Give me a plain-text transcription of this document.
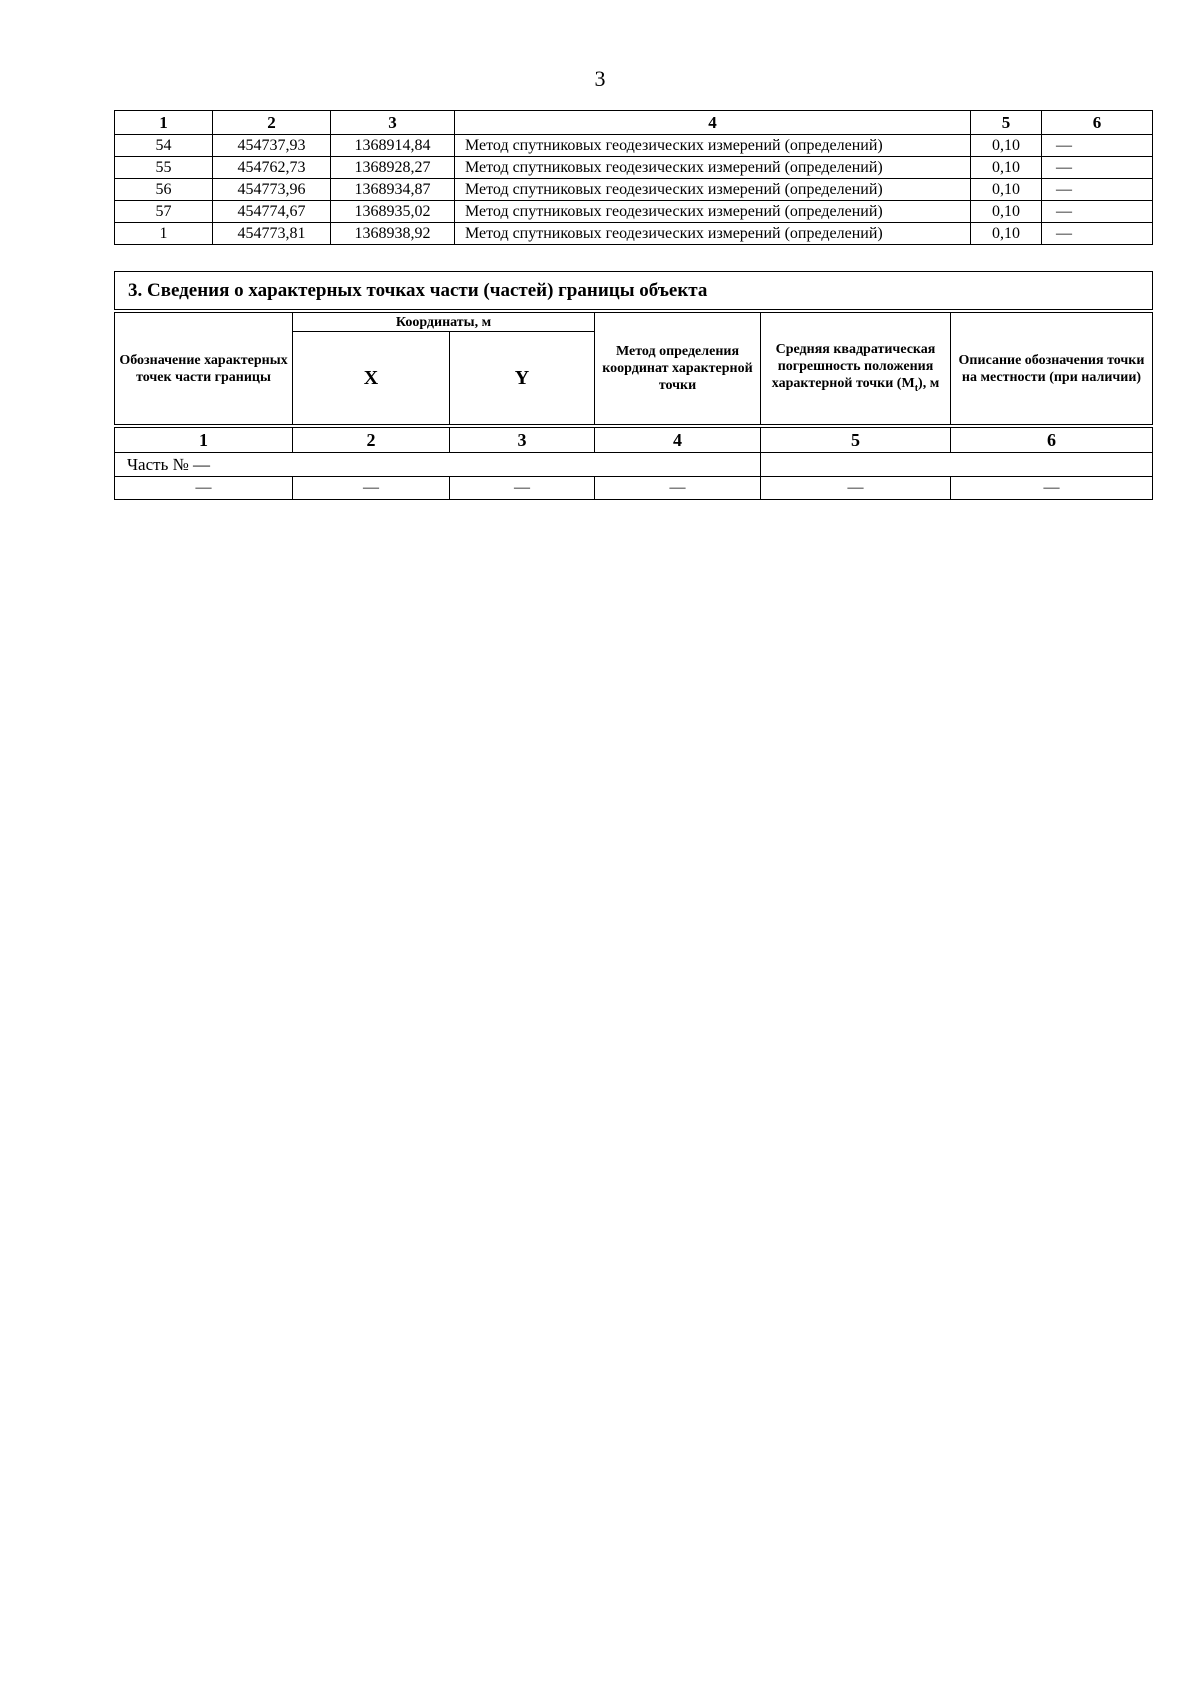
3
1	2	3	4	5	6
54	454737,93	1368914,84	Метод спутниковых геодезических измерений (определений)	0,10	—
55	454762,73	1368928,27	Метод спутниковых геодезических измерений (определений)	0,10	—
56	454773,96	1368934,87	Метод спутниковых геодезических измерений (определений)	0,10	—
57	454774,67	1368935,02	Метод спутниковых геодезических измерений (определений)	0,10	—
1	454773,81	1368938,92	Метод спутниковых геодезических измерений (определений)	0,10	—
3. Сведения о характерных точках части (частей) границы объекта					

Обозначение характерных точек части границы	Координаты, м		Метод определения координат характерной точки	Средняя квадратическая погрешность положения характерной точки $(M_t)$, м	Описание обозначения точки на местности (при наличии)
	X	Y			

1	2	3	4	5	6
Часть № —					
—	—	—	—	—	—
